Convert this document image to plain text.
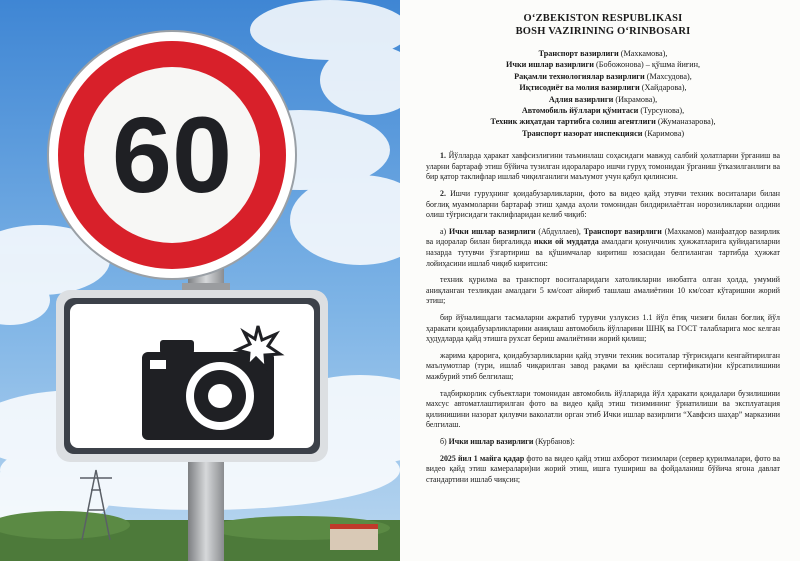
60
O‘ZBEKISTON RESPUBLIKASI
BOSH VAZIRINING O‘RINBOSARI
Транспорт вазирлиги (Махкамова),
Ички ишлар вазирлиги (Бобожонова) – қўшма йиғин,
Рақамли технологиялар вазирлиги (Махсудова),
Иқтисодиёт ва молия вазирлиги (Хайдарова),
Адлия вазирлиги (Икрамова),
Автомобиль йўллари қўмитаси (Турсунова),
Техник жиҳатдан тартибга солиш агентлиги (Жуманазарова),
Транспорт назорат инспекцияси (Каримова)
1. Йўлларда ҳаракат хавфсизлигини таъминлаш соҳасидаги мавжуд салбий ҳолатларни ўрганиш ва уларни бартараф этиш бўйича тузилган идоралараро ишчи гуруҳ томонидан ўрганиш ўтказилганлиги ва бир қатор таклифлар ишлаб чиқилганлиги маълумот учун қабул қилинсин.
2. Ишчи гуруҳнинг қоидабузарликларни, фото ва видео қайд этувчи техник воситалари билан боғлиқ муаммоларни бартараф этиш ҳамда аҳоли томонидан билдирилаётган норозиликларни олдини олиш тўғрисидаги таклифларидан келиб чиқиб:
а) Ички ишлар вазирлиги (Абдуллаев), Транспорт вазирлиги (Махкамов) манфаатдор вазирлик ва идоралар билан биргаликда икки ой муддатда амалдаги қонунчилик ҳужжатларига қуйидагиларни назарда тутувчи ўзгартириш ва қўшимчалар киритиш юзасидан белгиланган тартибда ҳужжат лойиҳасини ишлаб чиқиб киритсин:
техник қурилма ва транспорт воситаларидаги хатоликларни инобатга олган ҳолда, умумий аниқланган тезликдан амалдаги 5 км/соат айириб ташлаш амалиётини 10 км/соат кўтаришни жорий этиш;
бир йўналишдаги тасмаларни ажратиб турувчи узлуксиз 1.1 йўл ётиқ чизиғи билан боғлиқ йўл ҳаракати қоидабузарликларини аниқлаш автомобиль йўлларини ШНҚ ва ГОСТ талабларига мос келган ҳудудларда қайд этишга рухсат бериш амалиётини жорий қилиш;
жарима қарорига, қоидабузарликларни қайд этувчи техник воситалар тўғрисидаги кенгайтирилган маълумотлар (тури, ишлаб чиқарилган завод рақами ва қиёслаш сертификати)ни кўрсатилишини мажбурий этиб белгилаш;
тадбиркорлик субъектлари томонидан автомобиль йўлларида йўл ҳаракати қоидалари бузилишини махсус автоматлаштирилган фото ва видео қайд этиш тизимининг ўрнатилиши ва эксплуатация қилинишини назорат қилувчи ваколатли орган этиб Ички ишлар вазирлиги “Хавфсиз шаҳар” марказини белгилаш.
б) Ички ишлар вазирлиги (Курбанов):
2025 йил 1 майга қадар фото ва видео қайд этиш ахборот тизимлари (сервер қурилмалари, фото ва видео қайд этиш камералари)ни жорий этиш, ишга тушириш ва фойдаланиш бўйича ягона давлат стандартини ишлаб чиқсин;
